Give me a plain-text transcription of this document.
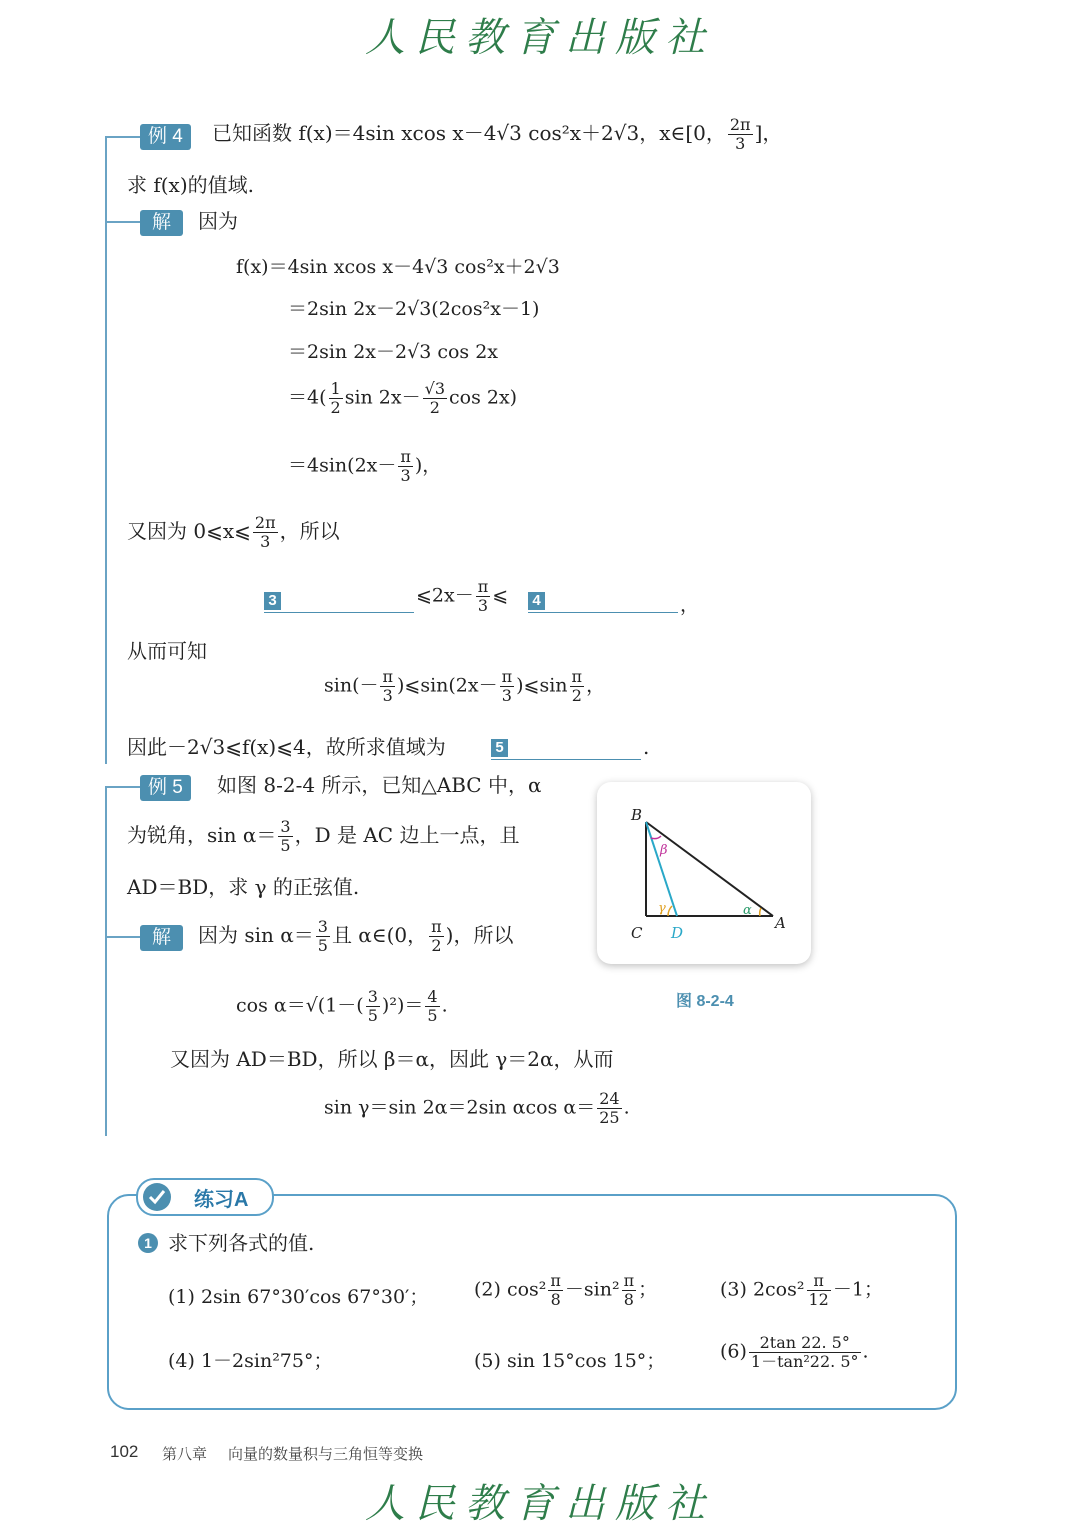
人民教育出版社
例 4	已知函数 f(x)＝4sin xcos x－4√3 cos²x＋2√3，x∈[0， $\frac{2\pi}{3}$ ]，
求 f(x)的值域.
解	因为
f(x)＝4sin xcos x－4√3 cos²x＋2√3
＝2sin 2x－2√3(2cos²x－1)
＝2sin 2x－2√3 cos 2x
$=4( \frac{1}{2}$ $\sin 2x- \frac{√3}{2}$ cos 2x)
$=4\sin(2x- \frac{\pi}{3}$ )，
又因为 0⩽x⩽ $\frac{2\pi}{3}$ ，所以
3	⩽2x－ $\frac{\pi}{3}$ ⩽ 4	，
从而可知
$\sin(- \frac{\pi}{3}$ )⩽sin(2x－ $\frac{\pi}{3}$ )⩽sin $\frac{\pi}{2}$ ，
因此－2√3⩽f(x)⩽4，故所求值域为	5	.
例 5	如图 8-2-4 所示，已知△ABC 中，α
为锐角，$\sin \alpha= \frac{3}{5}$ ，D 是 AC 边上一点，且
AD＝BD，求 γ 的正弦值.
解	因为 $\sin \alpha= \frac{3}{5}$ 且 α∈(0， $\frac{\pi}{2}$ )，所以
$\cos \alpha=√(1-( \frac{3}{5} )^2)= \frac{4}{5}$ .
又因为 AD＝BD，所以 β＝α，因此 γ＝2α，从而
sin γ＝sin 2α＝2sin αcos $\alpha= \frac{24}{25}$ .
B
C D
A
α
β
γ
图 8-2-4
练习A
1 求下列各式的值.
(1) 2sin 67°30′cos 67°30′； (2) $\cos^2 \frac{\pi}{8} -\sin^2 \frac{\pi}{8}$ ；	(3) $2\cos^2 \frac{\pi}{12} -1$；
(4) 1－2sin²75°；	(5) sin 15°cos 15°；	$(6) \frac{2\tan 22. 5^\circ}{\text{1－tan²22. 5°}}$ .
102 第八章 向量的数量积与三角恒等变换
人民教育出版社
